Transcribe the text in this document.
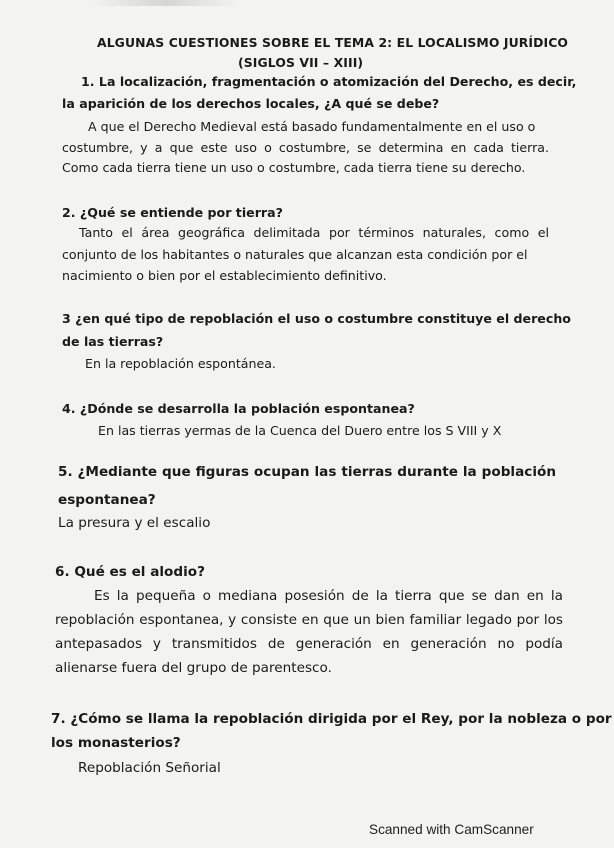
ALGUNAS CUESTIONES SOBRE EL TEMA 2: EL LOCALISMO JURÍDICO
(SIGLOS VII – XIII)
1. La localización, fragmentación o atomización del Derecho, es decir,
la aparición de los derechos locales, ¿A qué se debe?
A que el Derecho Medieval está basado fundamentalmente en el uso o
costumbre, y a que este uso o costumbre, se determina en cada tierra.
Como cada tierra tiene un uso o costumbre, cada tierra tiene su derecho.
2. ¿Qué se entiende por tierra?
Tanto el área geográfica delimitada por términos naturales, como el
conjunto de los habitantes o naturales que alcanzan esta condición por el
nacimiento o bien por el establecimiento definitivo.
3 ¿en qué tipo de repoblación el uso o costumbre constituye el derecho
de las tierras?
En la repoblación espontánea.
4. ¿Dónde se desarrolla la población espontanea?
En las tierras yermas de la Cuenca del Duero entre los S VIII y X
5. ¿Mediante que figuras ocupan las tierras durante la población
espontanea?
La presura y el escalio
6. Qué es el alodio?
Es la pequeña o mediana posesión de la tierra que se dan en la
repoblación espontanea, y consiste en que un bien familiar legado por los
antepasados y transmitidos de generación en generación no podía
alienarse fuera del grupo de parentesco.
7. ¿Cómo se llama la repoblación dirigida por el Rey, por la nobleza o por
los monasterios?
Repoblación Señorial
Scanned with CamScanner
